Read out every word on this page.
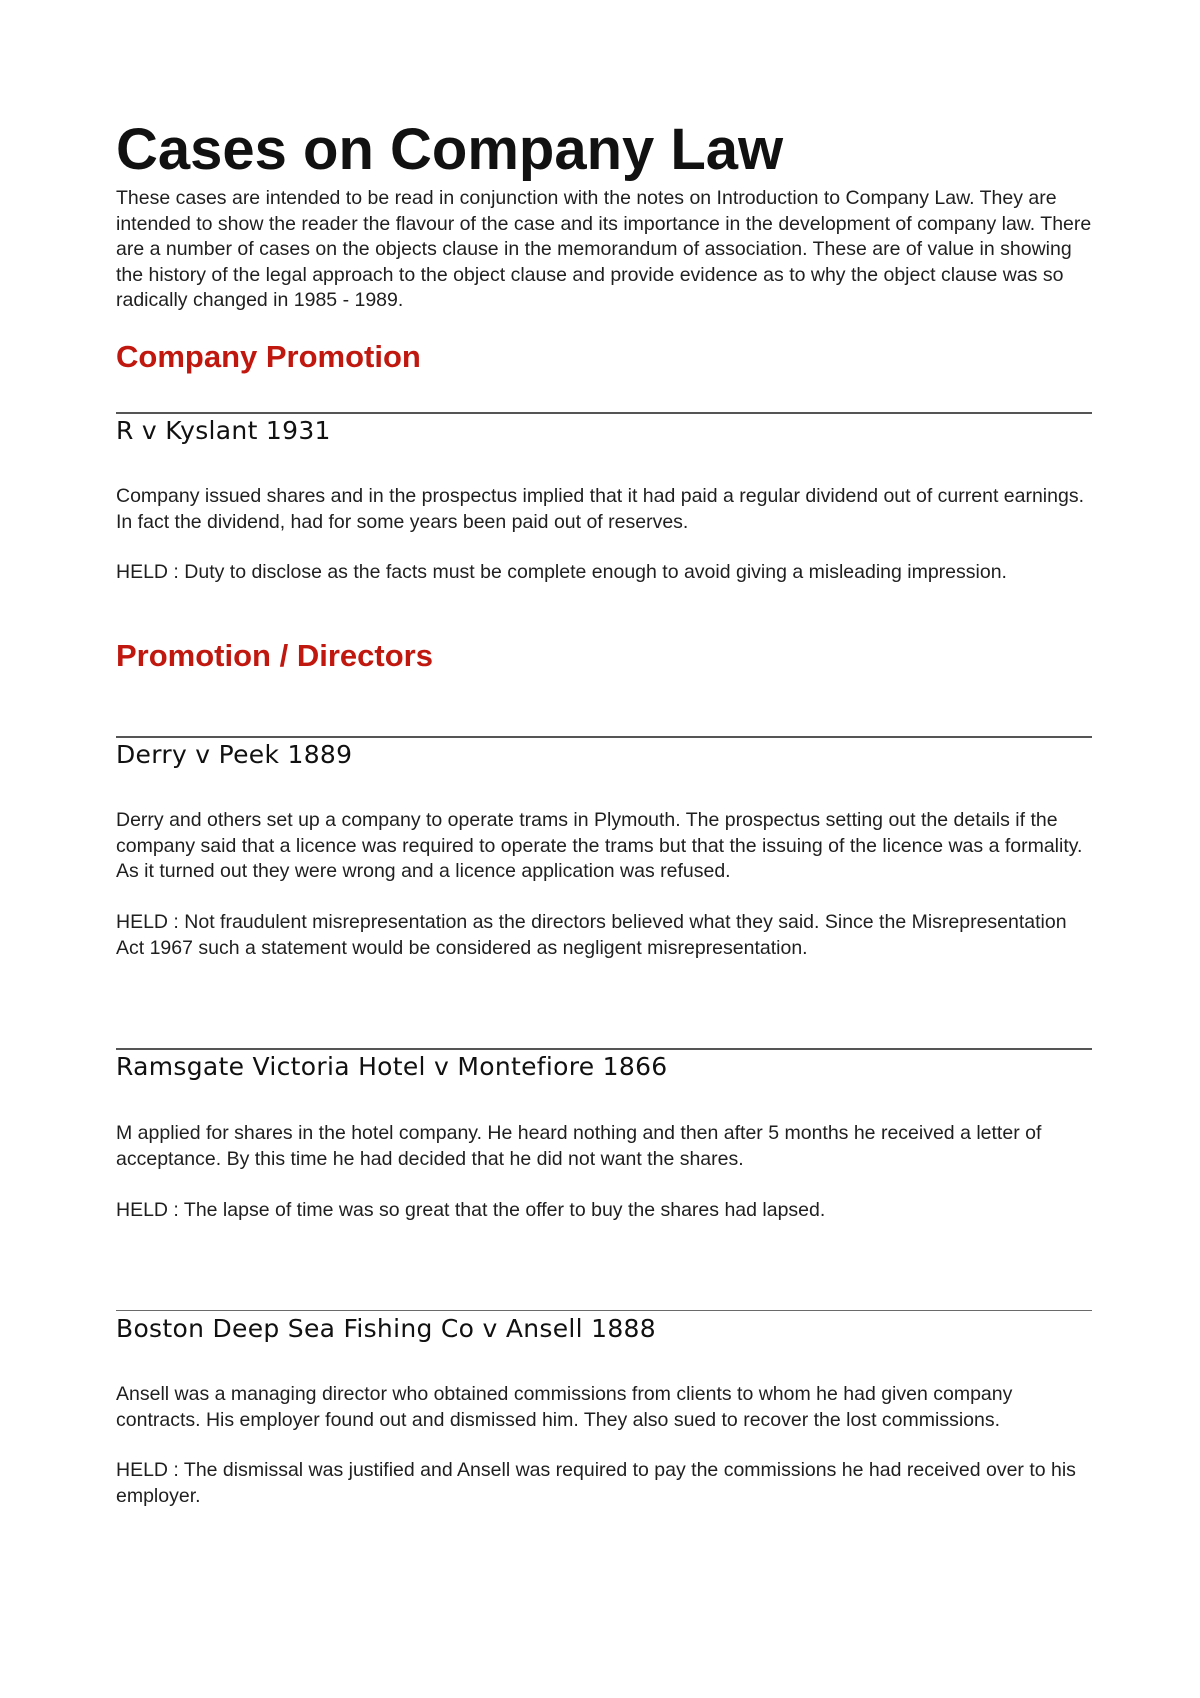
Cases on Company Law

These cases are intended to be read in conjunction with the notes on Introduction to Company Law. They are intended to show the reader the flavour of the case and its importance in the development of company law. There are a number of cases on the objects clause in the memorandum of association. These are of value in showing the history of the legal approach to the object clause and provide evidence as to why the object clause was so radically changed in 1985 - 1989.

Company Promotion
R v Kyslant 1931

Company issued shares and in the prospectus implied that it had paid a regular dividend out of current earnings. In fact the dividend, had for some years been paid out of reserves.

HELD : Duty to disclose as the facts must be complete enough to avoid giving a misleading impression.

Promotion / Directors
Derry v Peek 1889

Derry and others set up a company to operate trams in Plymouth. The prospectus setting out the details if the company said that a licence was required to operate the trams but that the issuing of the licence was a formality. As it turned out they were wrong and a licence application was refused.

HELD : Not fraudulent misrepresentation as the directors believed what they said. Since the Misrepresentation Act 1967 such a statement would be considered as negligent misrepresentation.

Ramsgate Victoria Hotel v Montefiore 1866

M applied for shares in the hotel company. He heard nothing and then after 5 months he received a letter of acceptance. By this time he had decided that he did not want the shares.

HELD : The lapse of time was so great that the offer to buy the shares had lapsed.

Boston Deep Sea Fishing Co v Ansell 1888

Ansell was a managing director who obtained commissions from clients to whom he had given company contracts. His employer found out and dismissed him. They also sued to recover the lost commissions.

HELD : The dismissal was justified and Ansell was required to pay the commissions he had received over to his employer.
